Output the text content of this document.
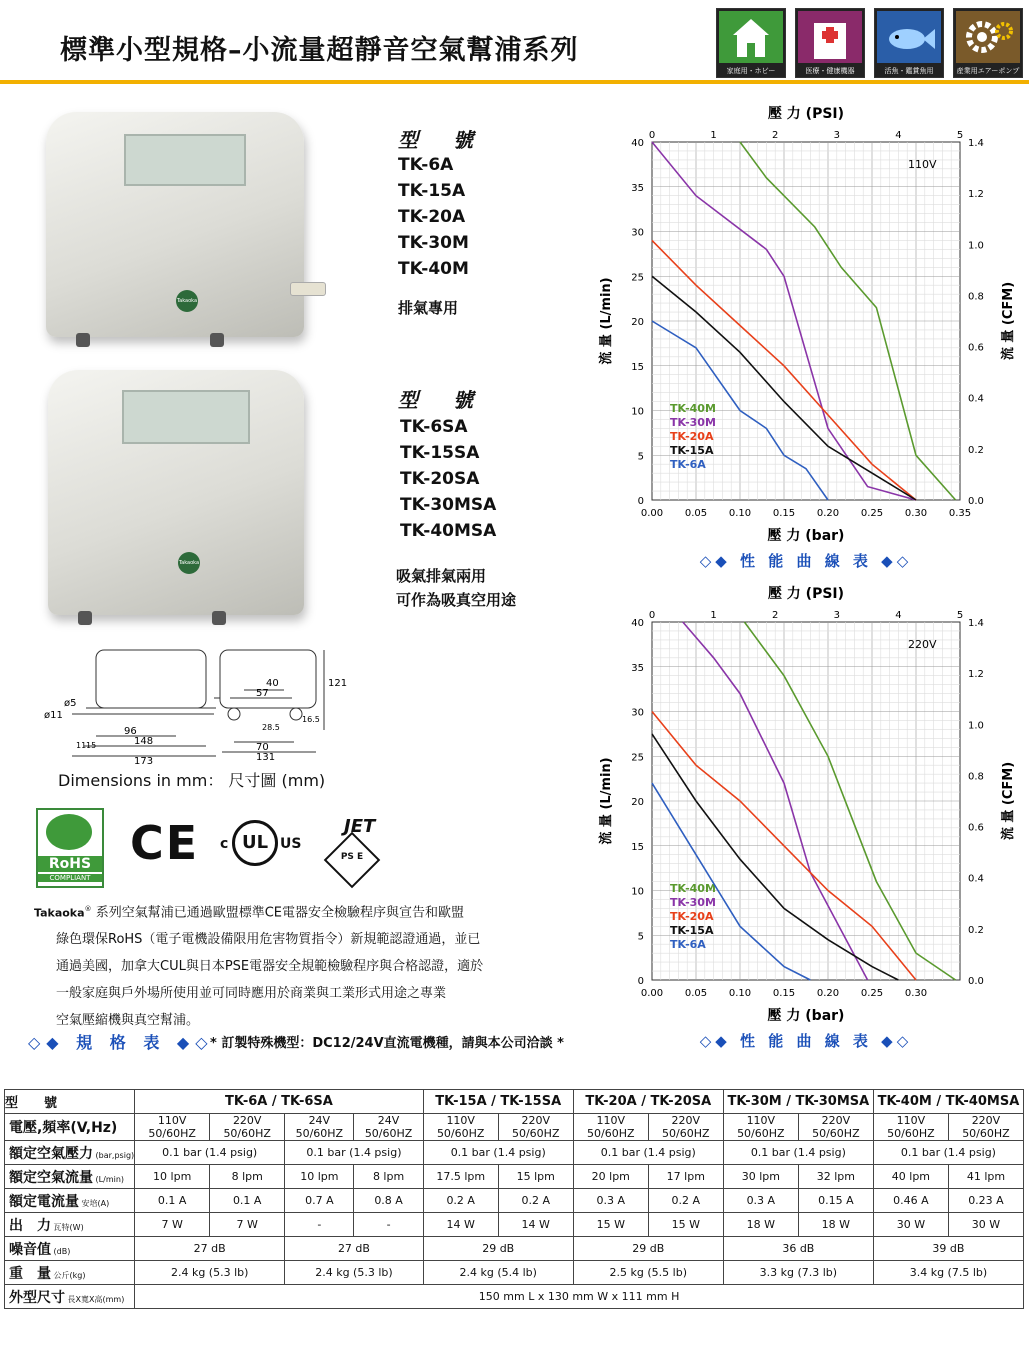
標準小型規格–小流量超靜音空氣幫浦系列
家庭用・ホビー	医療・健康機器	活魚・鑑賞魚用	産業用エアーポンプ
Takaoka
型 號
TK-6A
TK-15A
TK-20A
TK-30M
TK-40M
排氣專用
Takaoka
型 號
TK-6SA
TK-15SA
TK-20SA
TK-30MSA
TK-40MSA
吸氣排氣兩用
可作為吸真空用途
ø5
ø11
11 15
96
148
173
40
57
28.5
70
131
121
16.5
Dimensions in mm： 尺寸圖 (mm)
RoHS
COMPLIANT
CE c UL US
JET
PS E
Takaoka® 系列空氣幫浦已通過歐盟標準CE電器安全檢驗程序與宣告和歐盟
綠色環保RoHS（電子電機設備限用危害物質指令）新規範認證通過，並已
通過美國，加拿大CUL與日本PSE電器安全規範檢驗程序與合格認證，適於
一般家庭與戶外場所使用並可同時應用於商業與工業形式用途之專業
空氣壓縮機與真空幫浦。
◇◆ 規 格 表 ◆◇
* 訂製特殊機型：DC12/24V直流電機種，請與本公司洽談 *
0.00 0.05 0.10 0.15 0.20 0.25 0.30 0.35
0
5
10
15
20
25
30
35
40
0	1	2	3	4	5
0.0
0.2
0.4
0.6
0.8
1.0
1.2
1.4
壓 力 (PSI)
壓 力 (bar)
流 量 (L/min)	流 量 (CFM)
110V
◇◆ 性 能 曲 線 表 ◆◇
TK-40M
TK-30M
TK-20A
TK-15A
TK-6A
0.00 0.05 0.10 0.15 0.20 0.25 0.30
0
5
10
15
20
25
30
35
40
0	1	2	3	4	5
0.0
0.2
0.4
0.6
0.8
1.0
1.2
1.4
壓 力 (PSI)
壓 力 (bar)
流 量 (L/min)	流 量 (CFM)
220V
◇◆ 性 能 曲 線 表 ◆◇
TK-40M
TK-30M
TK-20A
TK-15A
TK-6A
型　　號	TK-6A / TK-6SA				TK-15A / TK-15SA		TK-20A / TK-20SA		TK-30M / TK-30MSA		TK-40M / TK-40MSA	
電壓,頻率(V,Hz)	110V 50/60HZ	220V 50/60HZ	24V 50/60HZ	24V 50/60HZ	110V 50/60HZ	220V 50/60HZ	110V 50/60HZ	220V 50/60HZ	110V 50/60HZ	220V 50/60HZ	110V 50/60HZ	220V 50/60HZ
額定空氣壓力 (bar,psig)	0.1 bar (1.4 psig)		0.1 bar (1.4 psig)		0.1 bar (1.4 psig)		0.1 bar (1.4 psig)		0.1 bar (1.4 psig)		0.1 bar (1.4 psig)	
額定空氣流量 (L/min)	10 lpm	8 lpm	10 lpm	8 lpm	17.5 lpm	15 lpm	20 lpm	17 lpm	30 lpm	32 lpm	40 lpm	41 lpm
額定電流量 安培(A)	0.1 A	0.1 A	0.7 A	0.8 A	0.2 A	0.2 A	0.3 A	0.2 A	0.3 A	0.15 A	0.46 A	0.23 A
出　力 瓦特(W)	7 W	7 W	-	-	14 W	14 W	15 W	15 W	18 W	18 W	30 W	30 W
噪音值 (dB)	27 dB		27 dB		29 dB		29 dB		36 dB		39 dB	
重　量 公斤(kg)	2.4 kg (5.3 lb)		2.4 kg (5.3 lb)		2.4 kg (5.4 lb)		2.5 kg (5.5 lb)		3.3 kg (7.3 lb)		3.4 kg (7.5 lb)	
外型尺寸 長X寬X高(mm)	150 mm L x 130 mm W x 111 mm H											
